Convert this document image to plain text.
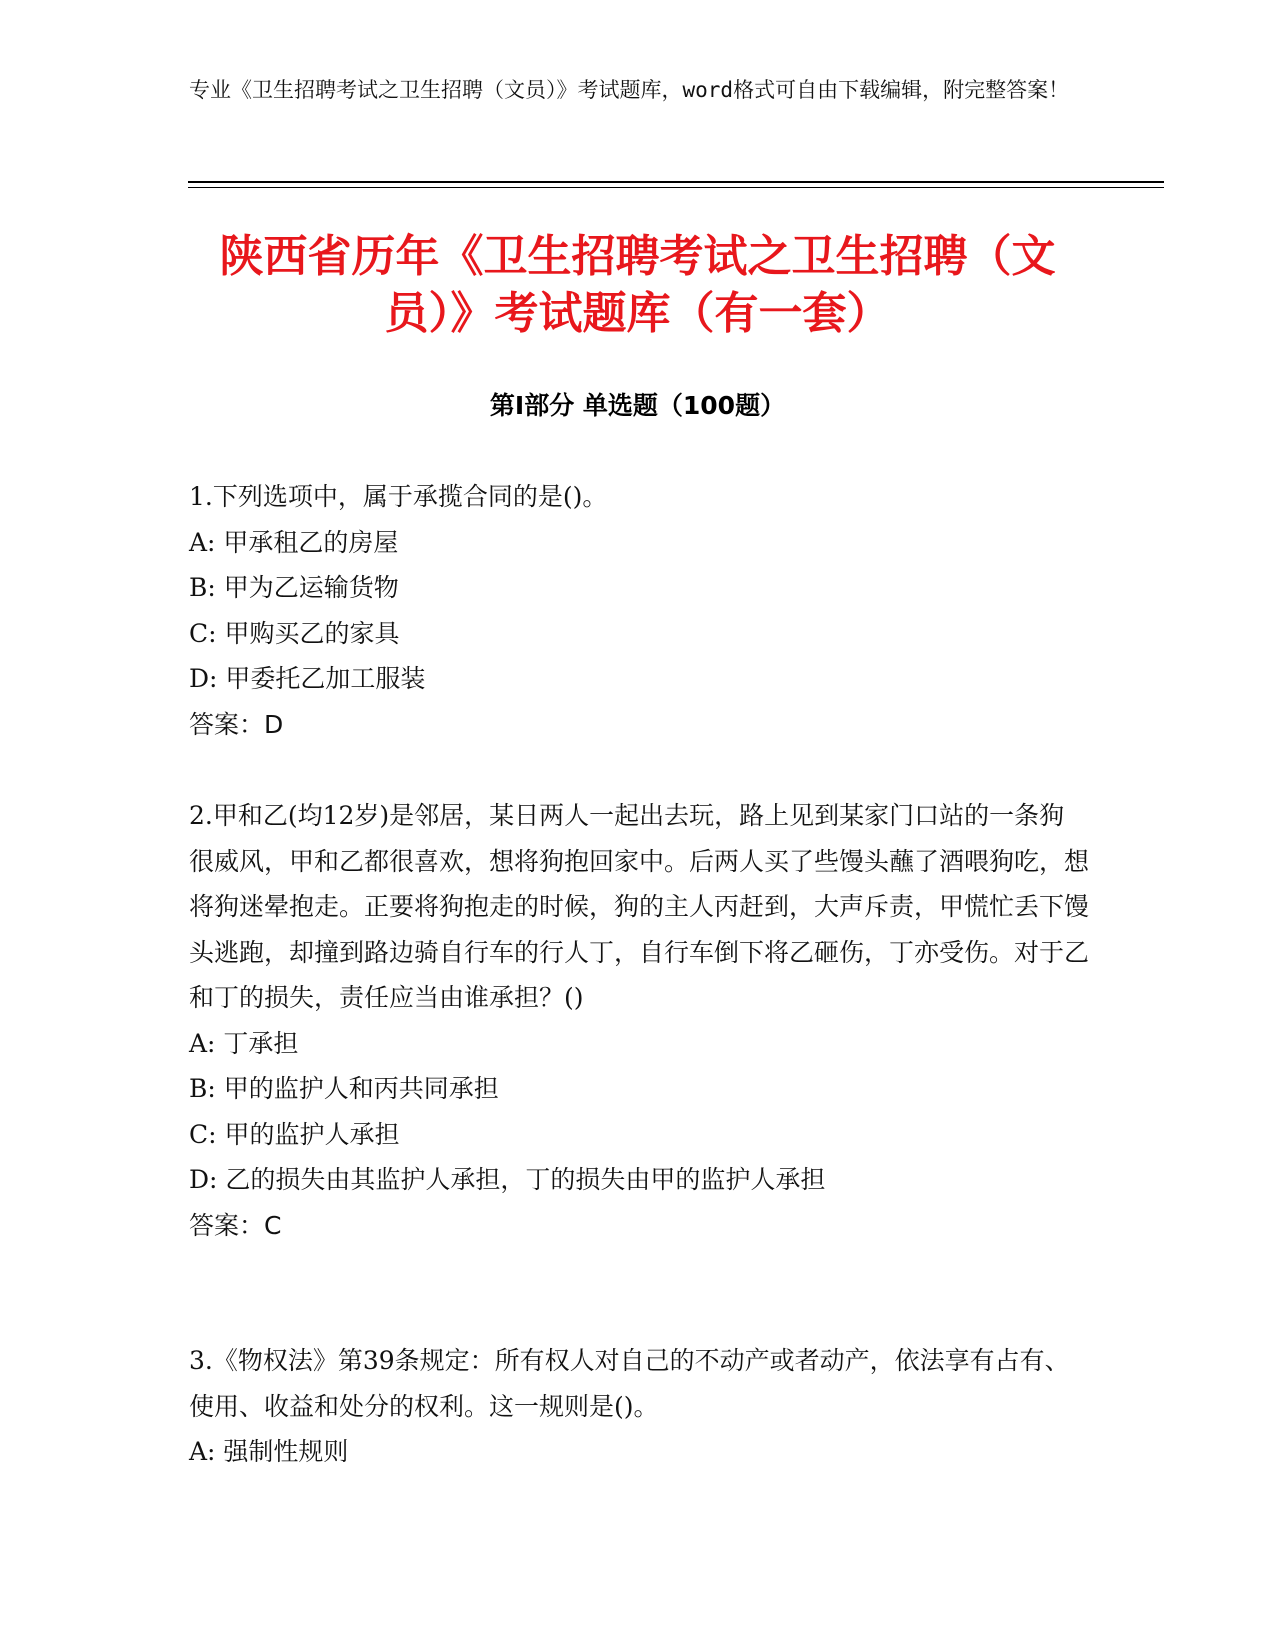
专业《卫生招聘考试之卫生招聘（文员）》考试题库，word格式可自由下载编辑，附完整答案！
陕西省历年《卫生招聘考试之卫生招聘（文员）》考试题库（有一套）
第Ⅰ部分 单选题（100题）

1.下列选项中，属于承揽合同的是()。

A: 甲承租乙的房屋

B: 甲为乙运输货物

C: 甲购买乙的家具

D: 甲委托乙加工服装

答案：D

2.甲和乙(均12岁)是邻居，某日两人一起出去玩，路上见到某家门口站的一条狗很威风，甲和乙都很喜欢，想将狗抱回家中。后两人买了些馒头蘸了酒喂狗吃，想将狗迷晕抱走。正要将狗抱走的时候，狗的主人丙赶到，大声斥责，甲慌忙丢下馒头逃跑，却撞到路边骑自行车的行人丁，自行车倒下将乙砸伤，丁亦受伤。对于乙和丁的损失，责任应当由谁承担？()

A: 丁承担

B: 甲的监护人和丙共同承担

C: 甲的监护人承担

D: 乙的损失由其监护人承担，丁的损失由甲的监护人承担

答案：C

3.《物权法》第39条规定：所有权人对自己的不动产或者动产，依法享有占有、使用、收益和处分的权利。这一规则是()。

A: 强制性规则
